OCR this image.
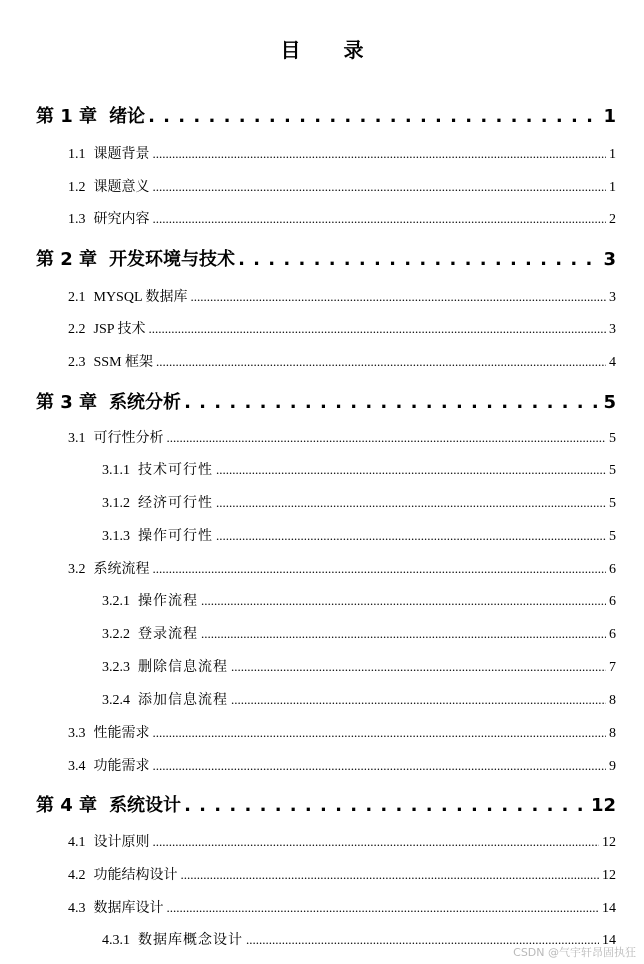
目 录
第 1 章 绪论 . . .	1
1.1 课题背景 .....	1
1.2 课题意义 .....	1
1.3 研究内容 .....	2
第 2 章 开发环境与技术 . . .	3
2.1 MYSQL 数据库 .....	3
2.2 JSP 技术 .....	3
2.3 SSM 框架 .....	4
第 3 章 系统分析 . . .	5
3.1 可行性分析 .....	5
3.1.1 技术可行性 .....	5
3.1.2 经济可行性 .....	5
3.1.3 操作可行性 .....	5
3.2 系统流程 .....	6
3.2.1 操作流程 .....	6
3.2.2 登录流程 .....	6
3.2.3 删除信息流程 .....	7
3.2.4 添加信息流程 .....	8
3.3 性能需求 .....	8
3.4 功能需求 .....	9
第 4 章 系统设计 . . .	12
4.1 设计原则 .....	12
4.2 功能结构设计 .....	12
4.3 数据库设计 .....	14
4.3.1 数据库概念设计 .....	14
CSDN @气宇轩昂固执狂
